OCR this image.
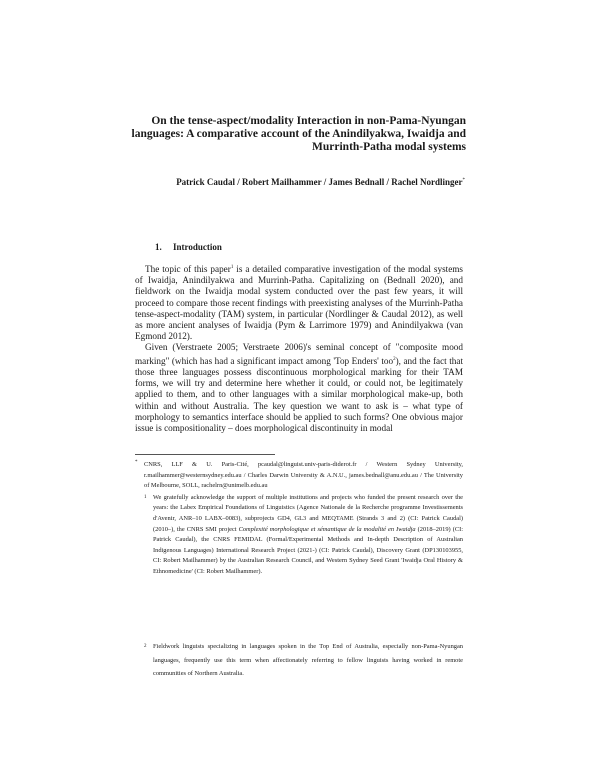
On the tense-aspect/modality Interaction in non-Pama-Nyungan languages: A comparative account of the Anindilyakwa, Iwaidja and Murrinth-Patha modal systems

Patrick Caudal / Robert Mailhammer / James Bednall / Rachel Nordlinger*

1. Introduction

The topic of this paper$^1$ is a detailed comparative investigation of the modal systems of Iwaidja, Anindilyakwa and Murrinh-Patha. Capitalizing on (Bednall 2020), and fieldwork on the Iwaidja modal system conducted over the past few years, it will proceed to compare those recent findings with preexisting analyses of the Murrinh-Patha tense-aspect-modality (TAM) system, in particular (Nordlinger & Caudal 2012), as well as more ancient analyses of Iwaidja (Pym & Larrimore 1979) and Anindilyakwa (van Egmond 2012).

Given (Verstraete 2005; Verstraete 2006)'s seminal concept of "composite mood marking" (which has had a significant impact among 'Top Enders' too$^2$), and the fact that those three languages possess discontinuous morphological marking for their TAM forms, we will try and determine here whether it could, or could not, be legitimately applied to them, and to other languages with a similar morphological make-up, both within and without Australia. The key question we want to ask is – what type of morphology to semantics interface should be applied to such forms? One obvious major issue is compositionality – does morphological discontinuity in modal

* CNRS, LLF & U. Paris-Cité, pcaudal@linguist.univ-paris-diderot.fr / Western Sydney University, r.mailhammer@westernsydney.edu.au / Charles Darwin University & A.N.U., james.bednall@anu.edu.au / The University of Melbourne, SOLL, rachelrn@unimelb.edu.au

1 We gratefully acknowledge the support of multiple institutions and projects who funded the present research over the years: the Labex Empirical Foundations of Linguistics (Agence Nationale de la Recherche programme Investissements d'Avenir, ANR–10 LABX–0083), subprojects GD4, GL3 and MEQTAME (Strands 3 and 2) (CI: Patrick Caudal) (2010–), the CNRS SMI project Complexité morphologique et sémantique de la modalité en Iwaidja (2018–2019) (CI: Patrick Caudal), the CNRS FEMIDAL (Formal/Experimental Methods and In-depth Description of Australian Indigenous Languages) International Research Project (2021-) (CI: Patrick Caudal), Discovery Grant (DP130103955, CI: Robert Mailhammer) by the Australian Research Council, and Western Sydney Seed Grant 'Iwaidja Oral History & Ethnomedicine' (CI: Robert Mailhammer).

2 Fieldwork linguists specializing in languages spoken in the Top End of Australia, especially non-Pama-Nyungan languages, frequently use this term when affectionately referring to fellow linguists having worked in remote communities of Northern Australia.
